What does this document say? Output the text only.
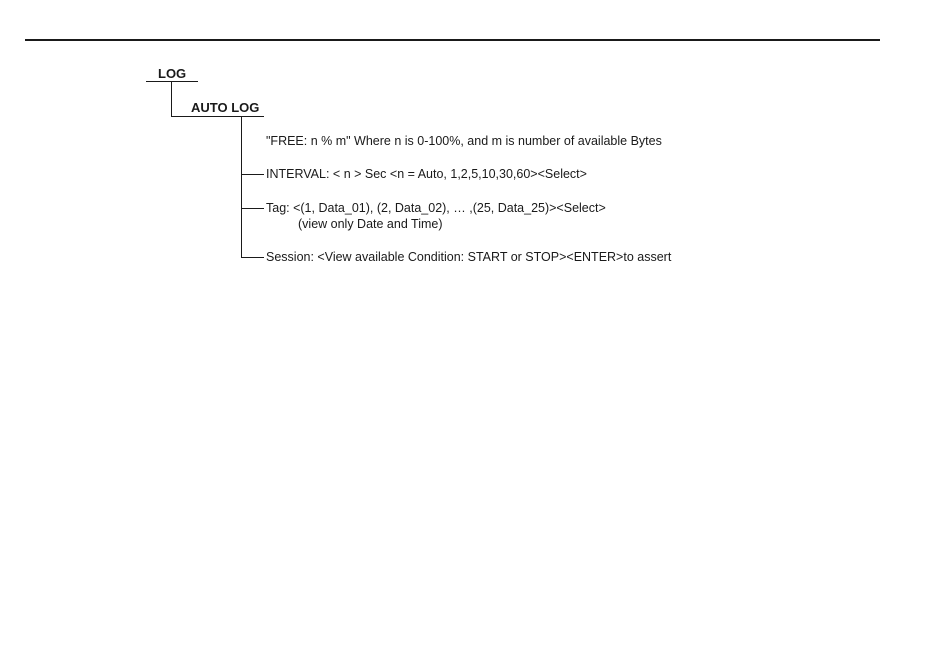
LOG
AUTO LOG
"FREE: n % m" Where n is 0-100%, and m is number of available Bytes
INTERVAL: < n > Sec <n = Auto, 1,2,5,10,30,60><Select>
Tag: <(1, Data_01), (2, Data_02), … ,(25, Data_25)><Select>
(view only Date and Time)
Session: <View available Condition: START or STOP><ENTER>to assert
